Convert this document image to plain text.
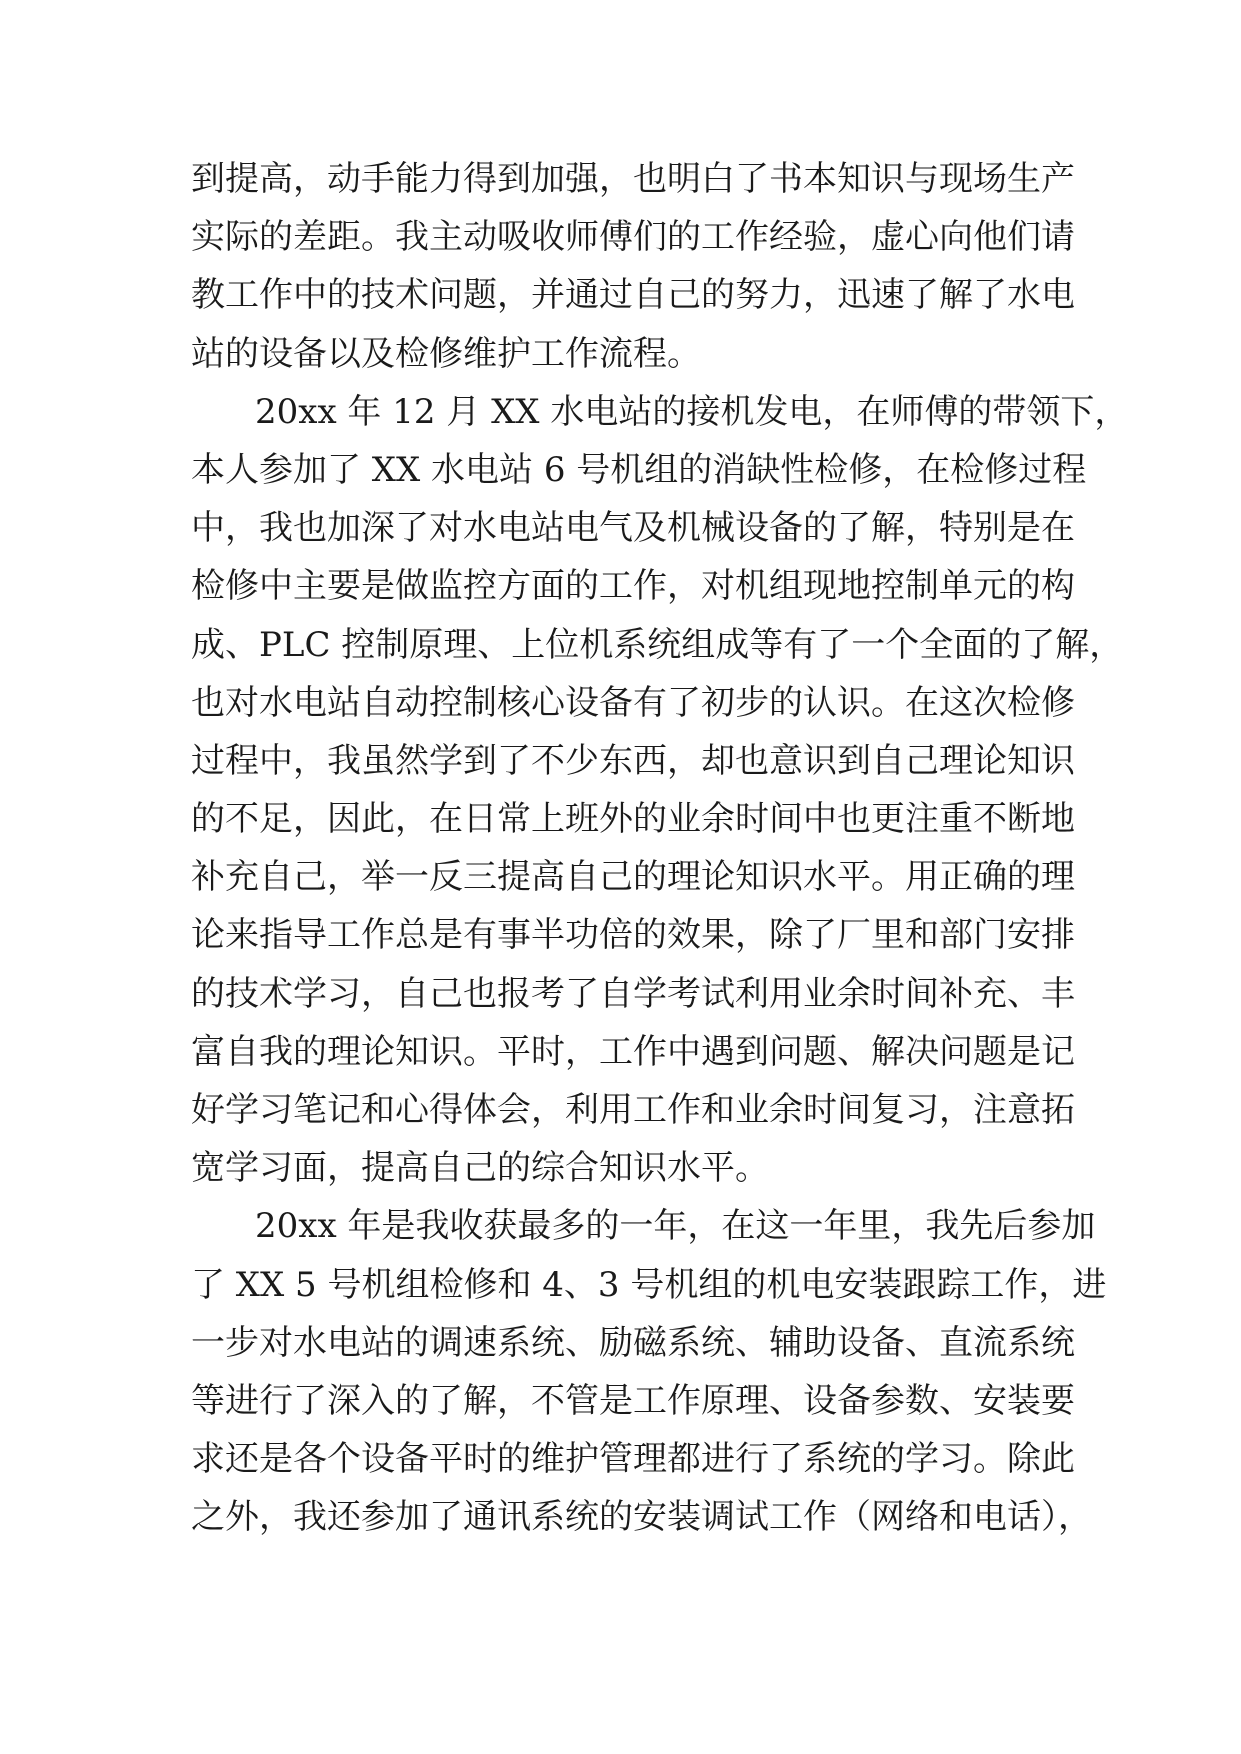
到提高，动手能力得到加强，也明白了书本知识与现场生产
实际的差距。我主动吸收师傅们的工作经验，虚心向他们请
教工作中的技术问题，并通过自己的努力，迅速了解了水电
站的设备以及检修维护工作流程。
20xx 年 12 月 XX 水电站的接机发电，在师傅的带领下，
本人参加了 XX 水电站 6 号机组的消缺性检修，在检修过程
中，我也加深了对水电站电气及机械设备的了解，特别是在
检修中主要是做监控方面的工作，对机组现地控制单元的构
成、PLC 控制原理、上位机系统组成等有了一个全面的了解，
也对水电站自动控制核心设备有了初步的认识。在这次检修
过程中，我虽然学到了不少东西，却也意识到自己理论知识
的不足，因此，在日常上班外的业余时间中也更注重不断地
补充自己，举一反三提高自己的理论知识水平。用正确的理
论来指导工作总是有事半功倍的效果，除了厂里和部门安排
的技术学习，自己也报考了自学考试利用业余时间补充、丰
富自我的理论知识。平时，工作中遇到问题、解决问题是记
好学习笔记和心得体会，利用工作和业余时间复习，注意拓
宽学习面，提高自己的综合知识水平。
20xx 年是我收获最多的一年，在这一年里，我先后参加
了 XX 5 号机组检修和 4、3 号机组的机电安装跟踪工作，进
一步对水电站的调速系统、励磁系统、辅助设备、直流系统
等进行了深入的了解，不管是工作原理、设备参数、安装要
求还是各个设备平时的维护管理都进行了系统的学习。除此
之外，我还参加了通讯系统的安装调试工作（网络和电话），
